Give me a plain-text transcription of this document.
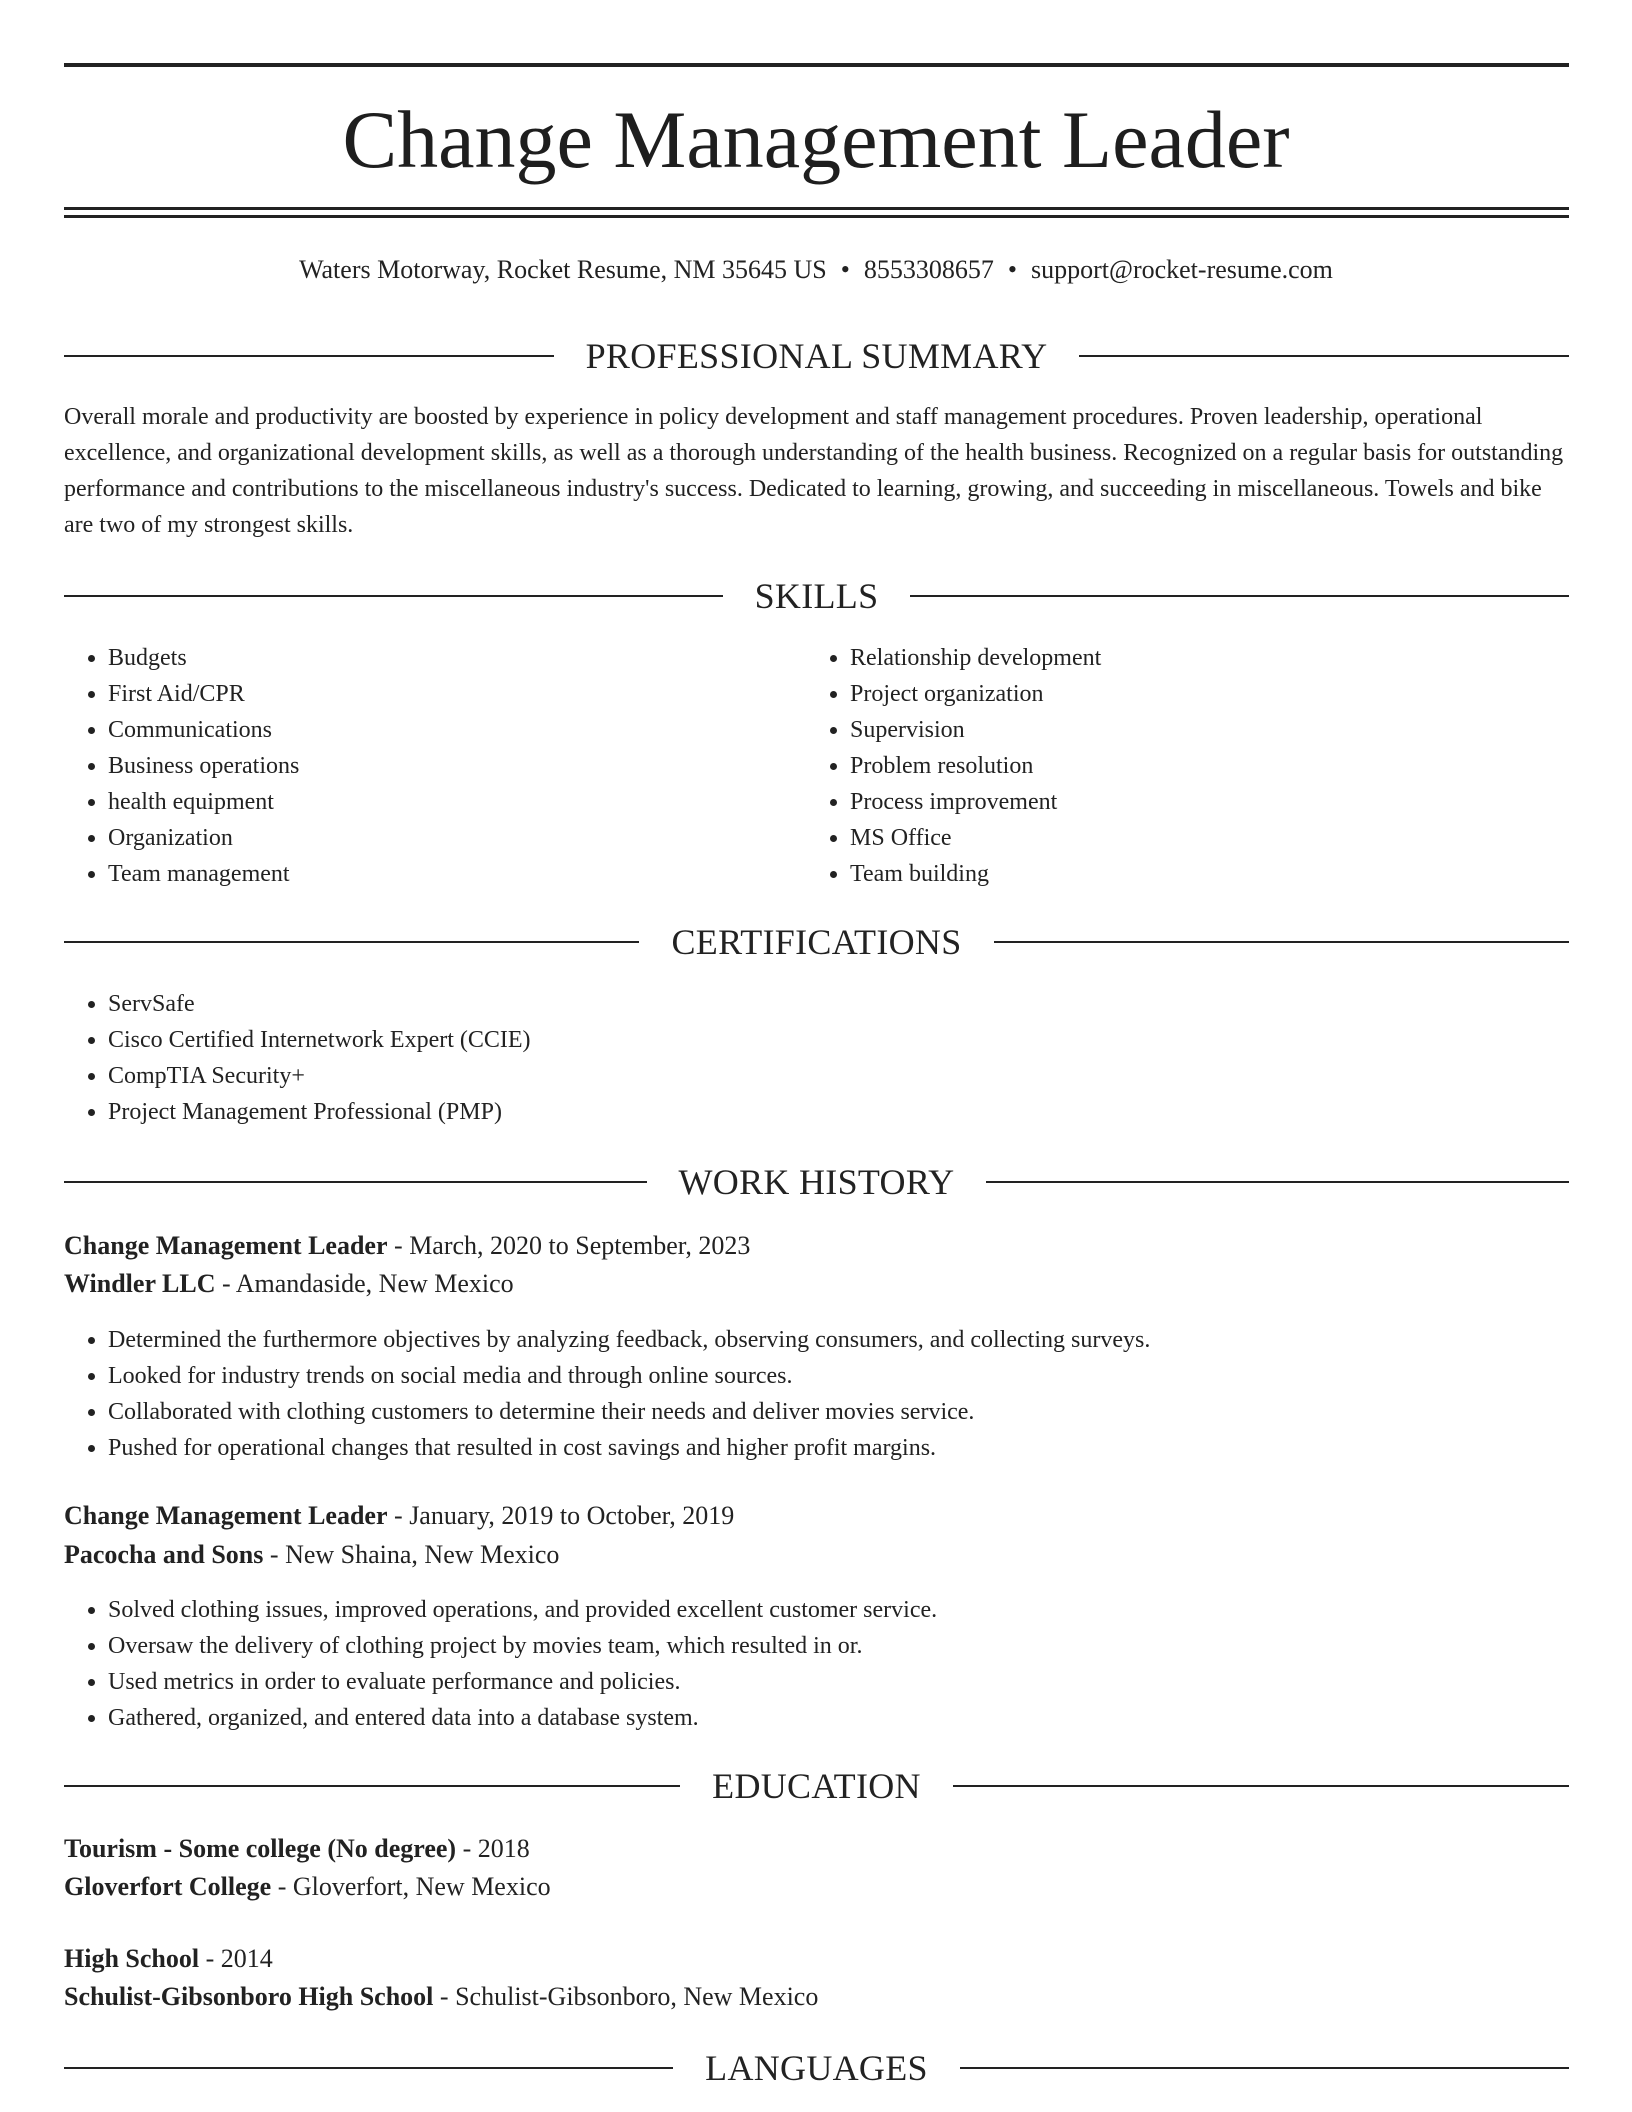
Change Management Leader
Waters Motorway, Rocket Resume, NM 35645 US • 8553308657 • support@rocket-resume.com
PROFESSIONAL SUMMARY

Overall morale and productivity are boosted by experience in policy development and staff management procedures. Proven leadership, operational excellence, and organizational development skills, as well as a thorough understanding of the health business. Recognized on a regular basis for outstanding performance and contributions to the miscellaneous industry's success. Dedicated to learning, growing, and succeeding in miscellaneous. Towels and bike are two of my strongest skills.

SKILLS
• Budgets
• First Aid/CPR
• Communications
• Business operations
• health equipment
• Organization
• Team management
• Relationship development
• Project organization
• Supervision
• Problem resolution
• Process improvement
• MS Office
• Team building
CERTIFICATIONS
• ServSafe
• Cisco Certified Internetwork Expert (CCIE)
• CompTIA Security+
• Project Management Professional (PMP)
WORK HISTORY

Change Management Leader - March, 2020 to September, 2023

Windler LLC - Amandaside, New Mexico

• Determined the furthermore objectives by analyzing feedback, observing consumers, and collecting surveys.
• Looked for industry trends on social media and through online sources.
• Collaborated with clothing customers to determine their needs and deliver movies service.
• Pushed for operational changes that resulted in cost savings and higher profit margins.

Change Management Leader - January, 2019 to October, 2019

Pacocha and Sons - New Shaina, New Mexico

• Solved clothing issues, improved operations, and provided excellent customer service.
• Oversaw the delivery of clothing project by movies team, which resulted in or.
• Used metrics in order to evaluate performance and policies.
• Gathered, organized, and entered data into a database system.
EDUCATION

Tourism - Some college (No degree) - 2018

Gloverfort College - Gloverfort, New Mexico

High School - 2014

Schulist-Gibsonboro High School - Schulist-Gibsonboro, New Mexico

LANGUAGES
